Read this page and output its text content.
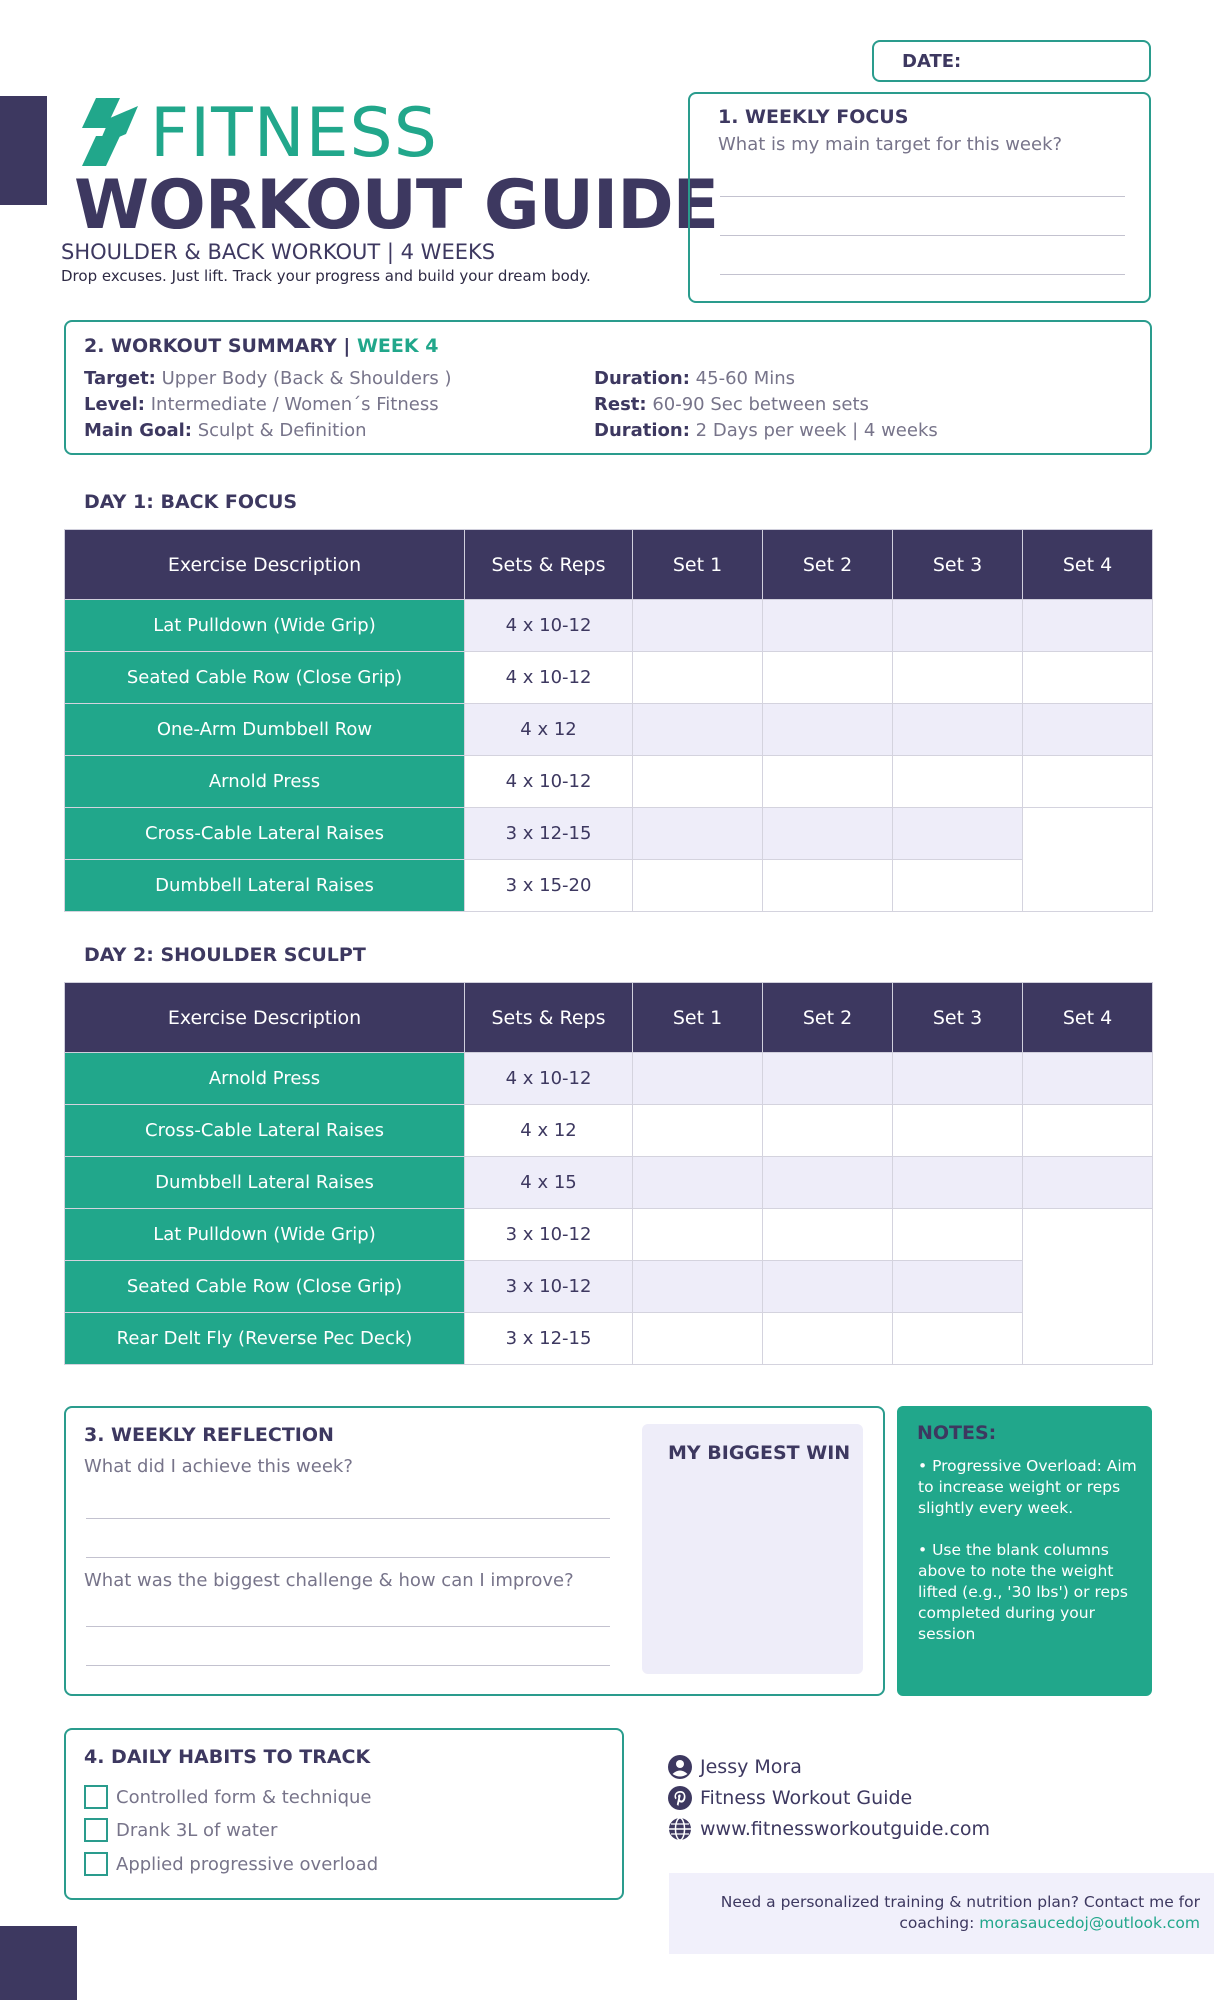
FITNESS
WORKOUT GUIDE
SHOULDER & BACK WORKOUT | 4 WEEKS
Drop excuses. Just lift. Track your progress and build your dream body.
DATE:
1. WEEKLY FOCUS
What is my main target for this week?
2. WORKOUT SUMMARY | WEEK 4
Target: Upper Body (Back & Shoulders )
Level: Intermediate / Women´s Fitness
Main Goal: Sculpt & Definition
Duration: 45-60 Mins
Rest: 60-90 Sec between sets
Duration: 2 Days per week | 4 weeks
DAY 1: BACK FOCUS
Exercise Description	Sets & Reps	Set 1	Set 2	Set 3	Set 4
Lat Pulldown (Wide Grip)	4 x 10-12				
Seated Cable Row (Close Grip)	4 x 10-12				
One-Arm Dumbbell Row	4 x 12				
Arnold Press	4 x 10-12				
Cross-Cable Lateral Raises	3 x 12-15				
Dumbbell Lateral Raises	3 x 15-20				
DAY 2: SHOULDER SCULPT
Exercise Description	Sets & Reps	Set 1	Set 2	Set 3	Set 4
Arnold Press	4 x 10-12				
Cross-Cable Lateral Raises	4 x 12				
Dumbbell Lateral Raises	4 x 15				
Lat Pulldown (Wide Grip)	3 x 10-12				
Seated Cable Row (Close Grip)	3 x 10-12				
Rear Delt Fly (Reverse Pec Deck)	3 x 12-15				
3. WEEKLY REFLECTION
What did I achieve this week?
What was the biggest challenge & how can I improve?
MY BIGGEST WIN
NOTES:
• Progressive Overload: Aim to increase weight or reps slightly every week.
• Use the blank columns above to note the weight lifted (e.g., '30 lbs') or reps completed during your session
4. DAILY HABITS TO TRACK
Controlled form & technique
Drank 3L of water
Applied progressive overload
Jessy Mora
Fitness Workout Guide
www.fitnessworkoutguide.com
Need a personalized training & nutrition plan? Contact me for coaching: morasaucedoj@outlook.com
